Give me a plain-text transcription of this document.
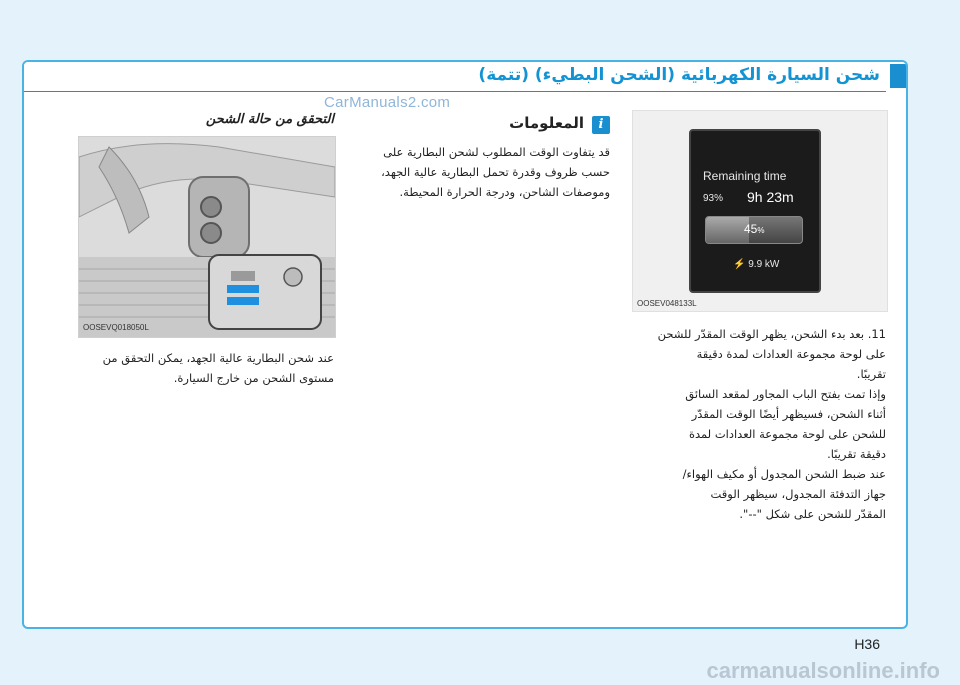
شحن السيارة الكهربائية (الشحن البطيء) (تتمة)
CarManuals2.com
Remaining time
93% 9h 23m
45%
⚡ 9.9 kW
OOSEV048133L
11. بعد بدء الشحن، يظهر الوقت المقدّر للشحن
على لوحة مجموعة العدادات لمدة دقيقة
تقريبًا.
وإذا تمت بفتح الباب المجاور لمقعد السائق
أثناء الشحن، فسيظهر أيضًا الوقت المقدّر
للشحن على لوحة مجموعة العدادات لمدة
دقيقة تقريبًا.
عند ضبط الشحن المجدول أو مكيف الهواء/
جهاز التدفئة المجدول، سيظهر الوقت
المقدّر للشحن على شكل "--".
i
المعلومات
قد يتفاوت الوقت المطلوب لشحن البطارية على
حسب ظروف وقدرة تحمل البطارية عالية الجهد،
وموصفات الشاحن، ودرجة الحرارة المحيطة.
التحقق من حالة الشحن
OOSEVQ018050L
عند شحن البطارية عالية الجهد، يمكن التحقق من
مستوى الشحن من خارج السيارة.
H36
carmanualsonline.info
